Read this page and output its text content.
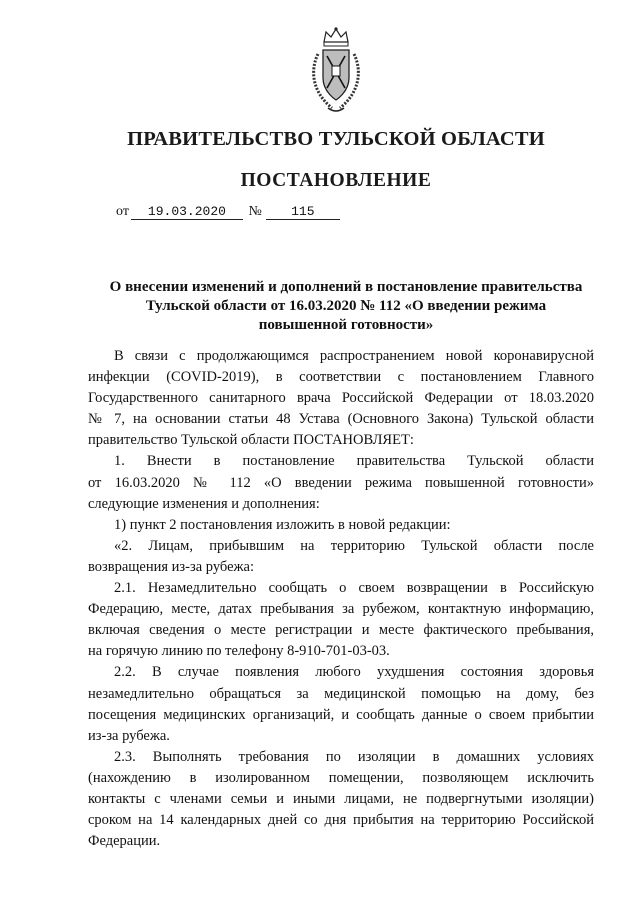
ПРАВИТЕЛЬСТВО ТУЛЬСКОЙ ОБЛАСТИ
ПОСТАНОВЛЕНИЕ
от 19.03.2020 № 115
О внесении изменений и дополнений в постановление правительства
Тульской области от 16.03.2020 № 112 «О введении режима
повышенной готовности»
В связи с продолжающимся распространением новой коронавирусной
инфекции (COVID-2019), в соответствии с постановлением Главного
Государственного санитарного врача Российской Федерации от 18.03.2020
№ 7, на основании статьи 48 Устава (Основного Закона) Тульской области
правительство Тульской области ПОСТАНОВЛЯЕТ:
1. Внести в постановление правительства Тульской области
от 16.03.2020 № 112 «О введении режима повышенной готовности»
следующие изменения и дополнения:
1) пункт 2 постановления изложить в новой редакции:
«2. Лицам, прибывшим на территорию Тульской области после
возвращения из-за рубежа:
2.1. Незамедлительно сообщать о своем возвращении в Российскую
Федерацию, месте, датах пребывания за рубежом, контактную информацию,
включая сведения о месте регистрации и месте фактического пребывания,
на горячую линию по телефону 8-910-701-03-03.
2.2. В случае появления любого ухудшения состояния здоровья
незамедлительно обращаться за медицинской помощью на дому, без
посещения медицинских организаций, и сообщать данные о своем прибытии
из-за рубежа.
2.3. Выполнять требования по изоляции в домашних условиях
(нахождению в изолированном помещении, позволяющем исключить
контакты с членами семьи и иными лицами, не подвергнутыми изоляции)
сроком на 14 календарных дней со дня прибытия на территорию Российской
Федерации.
